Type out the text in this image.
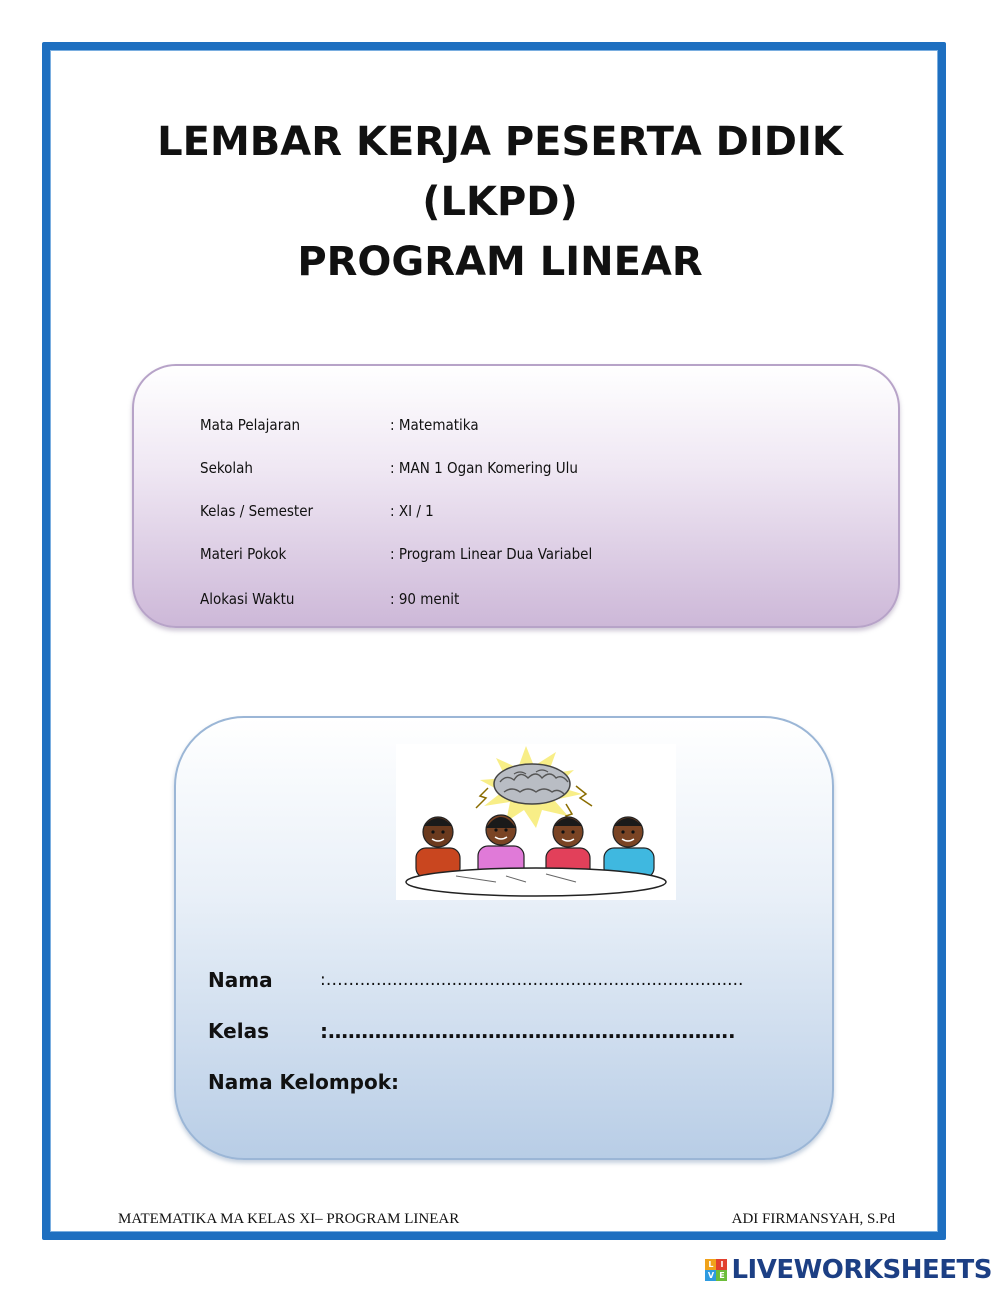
LEMBAR KERJA PESERTA DIDIK
(LKPD)
PROGRAM LINEAR
Mata Pelajaran	: Matematika
Sekolah	: MAN 1 Ogan Komering Ulu
Kelas / Semester	: XI / 1
Materi Pokok	: Program Linear Dua Variabel
Alokasi Waktu	: 90 menit
Nama	:…….......................................................................
Kelas	:…………………………………………………….
Nama Kelompok:
MATEMATIKA MA KELAS XI– PROGRAM LINEAR	ADI FIRMANSYAH, S.Pd
L I
V E LIVEWORKSHEETS
